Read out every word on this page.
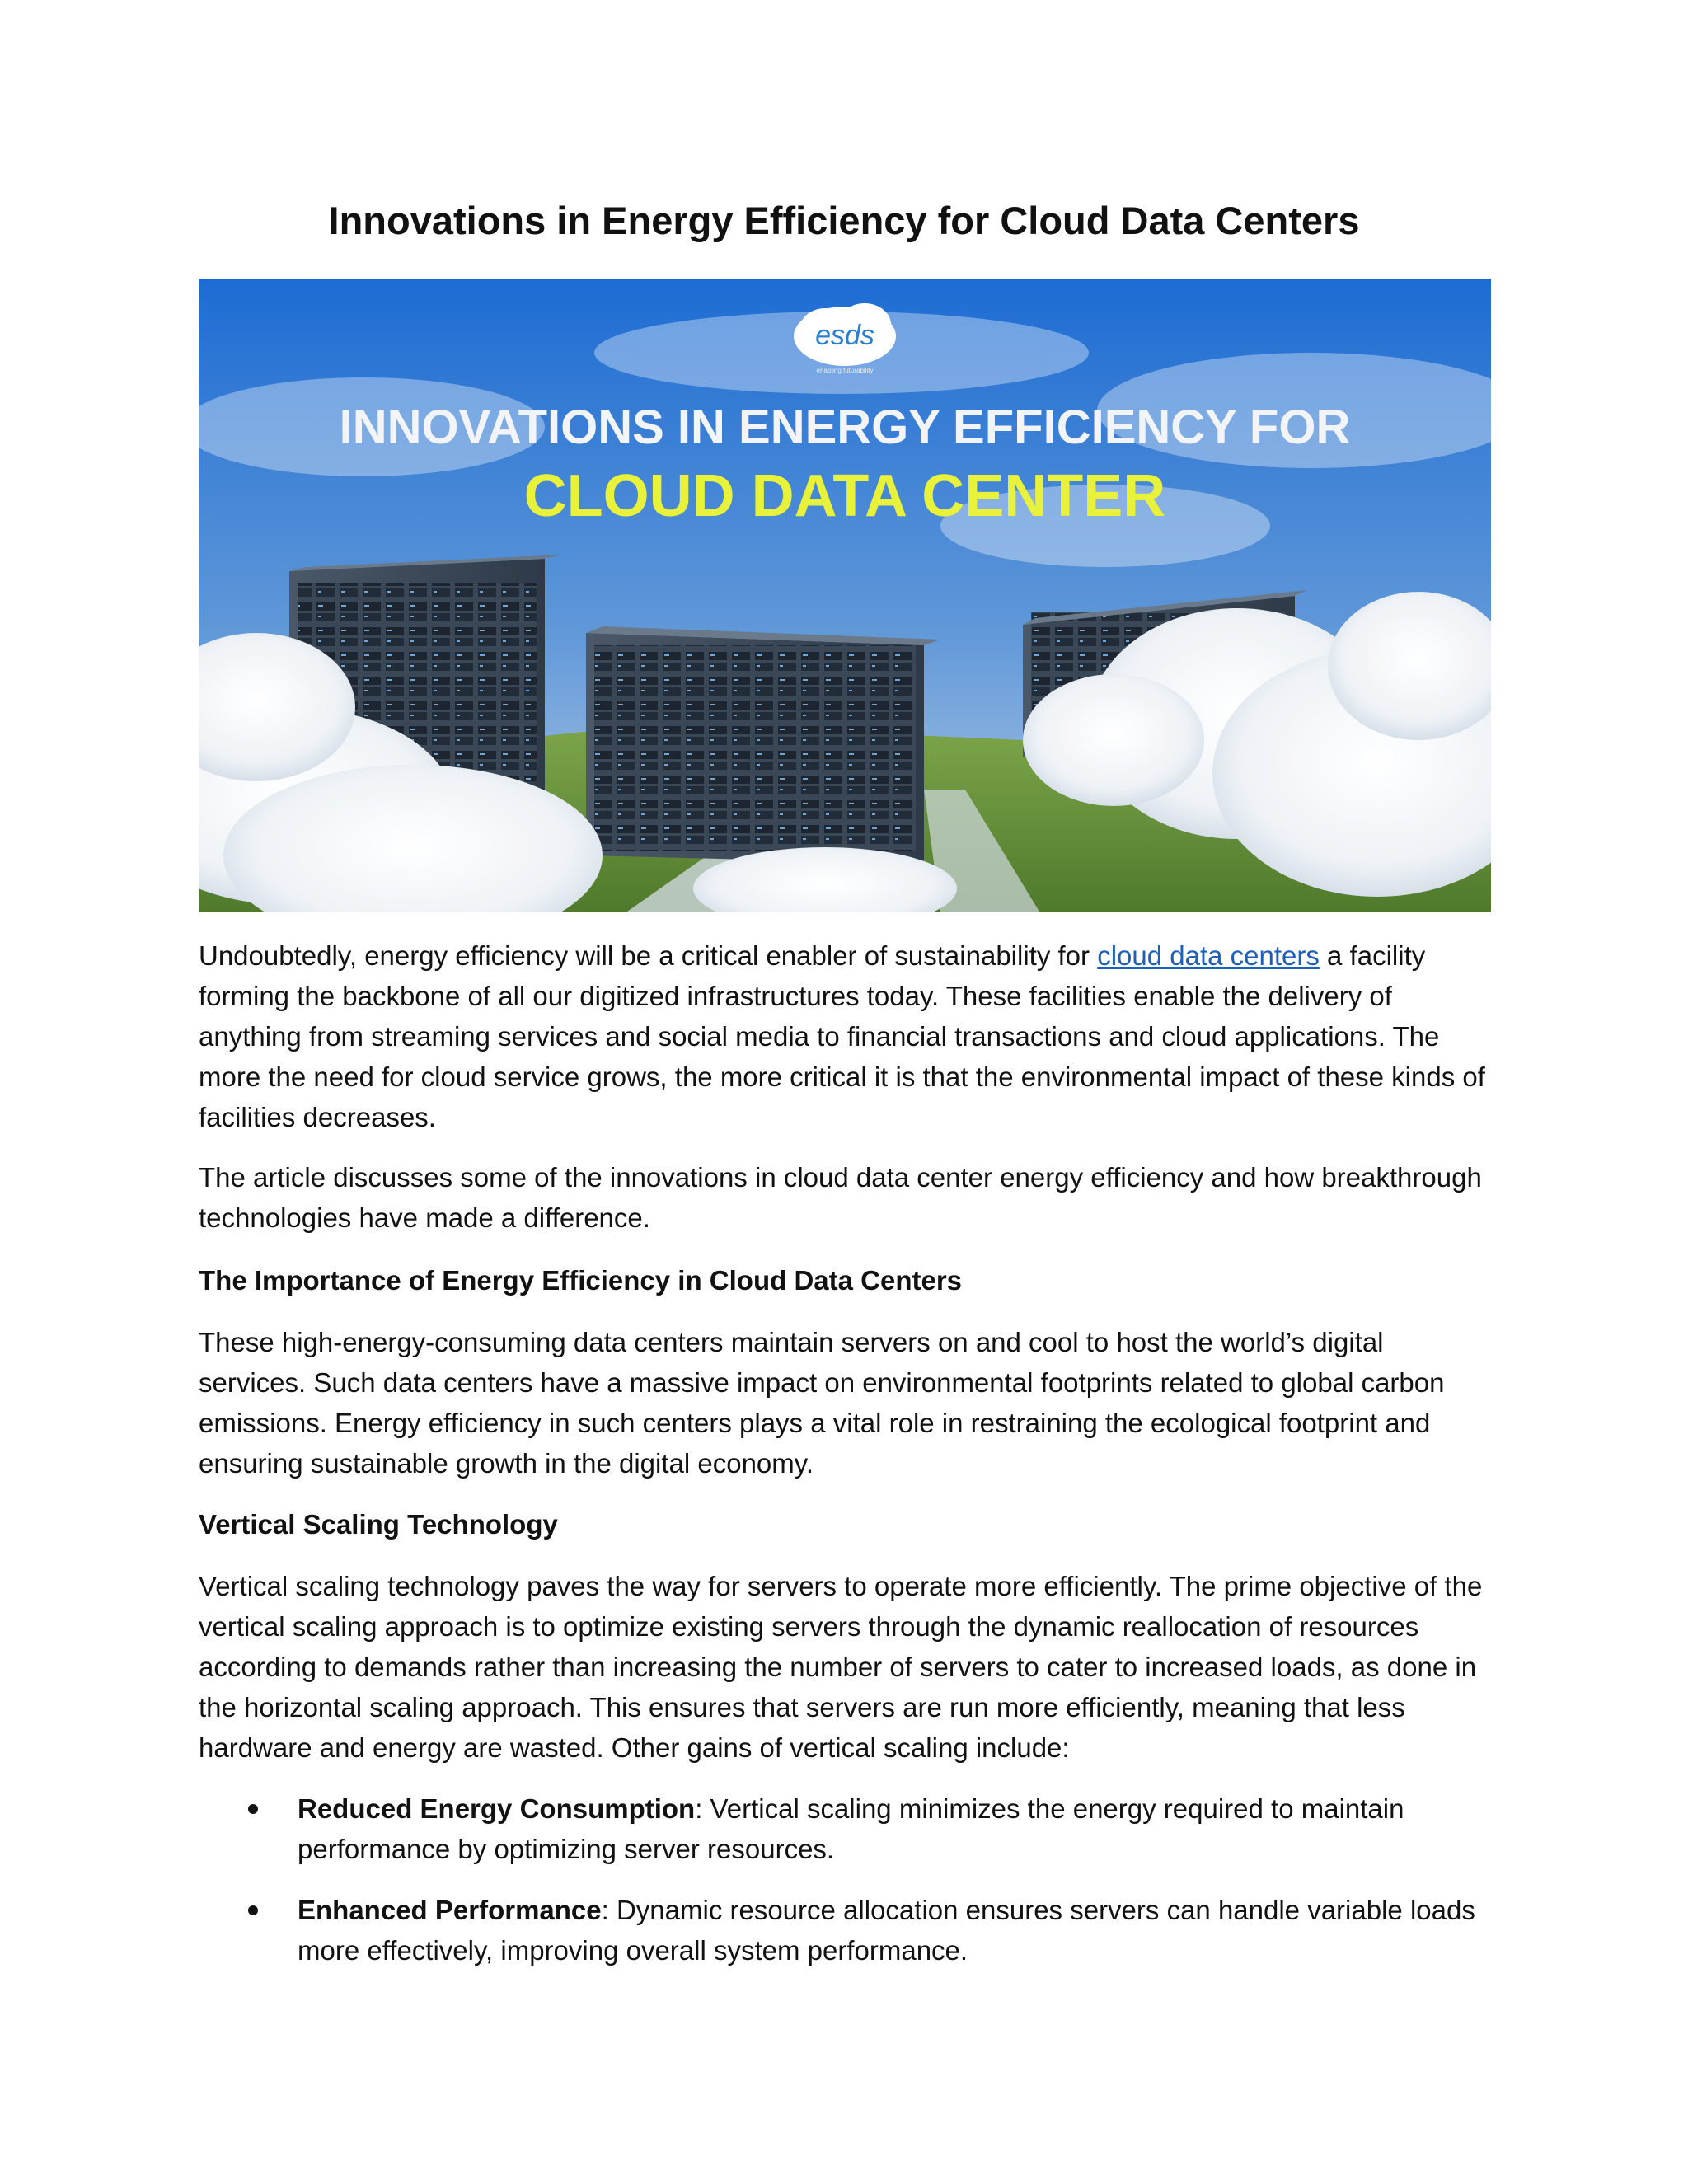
Innovations in Energy Efficiency for Cloud Data Centers
esds
enabling futurability
INNOVATIONS IN ENERGY EFFICIENCY FOR
CLOUD DATA CENTER

Undoubtedly, energy efficiency will be a critical enabler of sustainability for cloud data centers a facility forming the backbone of all our digitized infrastructures today. These facilities enable the delivery of anything from streaming services and social media to financial transactions and cloud applications. The more the need for cloud service grows, the more critical it is that the environmental impact of these kinds of facilities decreases.

The article discusses some of the innovations in cloud data center energy efficiency and how breakthrough technologies have made a difference.

The Importance of Energy Efficiency in Cloud Data Centers

These high-energy-consuming data centers maintain servers on and cool to host the world’s digital services. Such data centers have a massive impact on environmental footprints related to global carbon emissions. Energy efficiency in such centers plays a vital role in restraining the ecological footprint and ensuring sustainable growth in the digital economy.

Vertical Scaling Technology

Vertical scaling technology paves the way for servers to operate more efficiently. The prime objective of the vertical scaling approach is to optimize existing servers through the dynamic reallocation of resources according to demands rather than increasing the number of servers to cater to increased loads, as done in the horizontal scaling approach. This ensures that servers are run more efficiently, meaning that less hardware and energy are wasted. Other gains of vertical scaling include:

Reduced Energy Consumption: Vertical scaling minimizes the energy required to maintain performance by optimizing server resources.
Enhanced Performance: Dynamic resource allocation ensures servers can handle variable loads more effectively, improving overall system performance.
